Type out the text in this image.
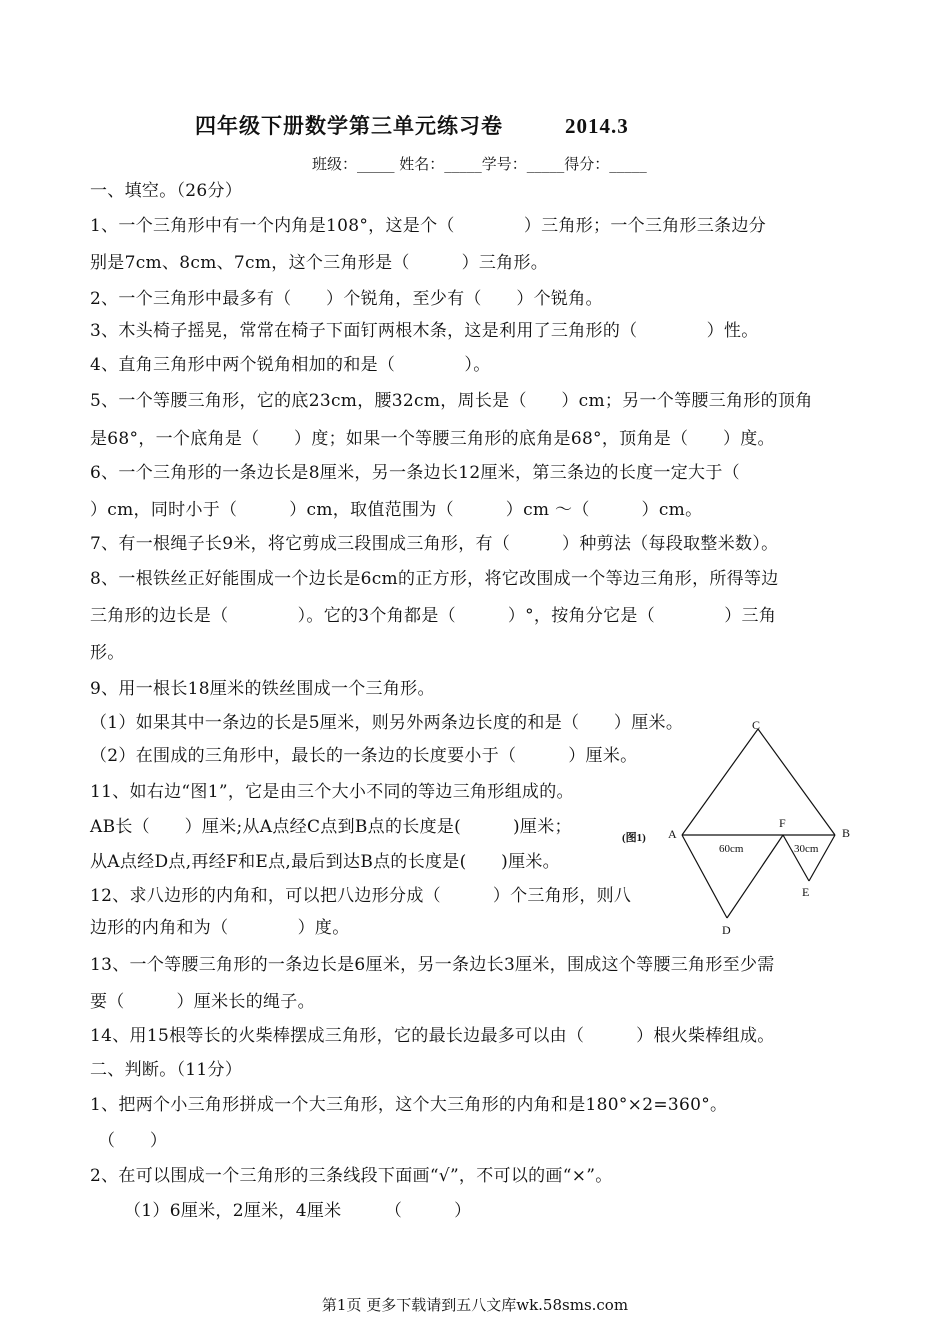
四年级下册数学第三单元练习卷	2014.3
班级：_____ 姓名：_____学号：_____得分：_____
一、填空。（26分）
1、一个三角形中有一个内角是108°，这是个（　　　　）三角形；一个三角形三条边分
别是7cm、8cm、7cm，这个三角形是（　　　）三角形。
2、一个三角形中最多有（　　）个锐角，至少有（　　）个锐角。
3、木头椅子摇晃，常常在椅子下面钉两根木条，这是利用了三角形的（　　　　）性。
4、直角三角形中两个锐角相加的和是（　　　　）。
5、一个等腰三角形，它的底23cm，腰32cm，周长是（　　）cm；另一个等腰三角形的顶角
是68°，一个底角是（　　）度；如果一个等腰三角形的底角是68°，顶角是（　　）度。
6、一个三角形的一条边长是8厘米，另一条边长12厘米，第三条边的长度一定大于（
）cm，同时小于（　　　）cm，取值范围为（　　　）cm ～（　　　）cm。
7、有一根绳子长9米，将它剪成三段围成三角形，有（　　　）种剪法（每段取整米数）。
8、一根铁丝正好能围成一个边长是6cm的正方形，将它改围成一个等边三角形，所得等边
三角形的边长是（　　　　）。它的3个角都是（　　　）°，按角分它是（　　　　）三角
形。
9、用一根长18厘米的铁丝围成一个三角形。
（1）如果其中一条边的长是5厘米，则另外两条边长度的和是（　　）厘米。
（2）在围成的三角形中，最长的一条边的长度要小于（　　　）厘米。
11、如右边“图1”，它是由三个大小不同的等边三角形组成的。
AB长（　　）厘米;从A点经C点到B点的长度是(　　　)厘米；
从A点经D点,再经F和E点,最后到达B点的长度是(　　)厘米。
12、求八边形的内角和，可以把八边形分成（　　　）个三角形，则八
边形的内角和为（　　　　）度。
13、一个等腰三角形的一条边长是6厘米，另一条边长3厘米，围成这个等腰三角形至少需
要（　　　）厘米长的绳子。
14、用15根等长的火柴棒摆成三角形，它的最长边最多可以由（　　　）根火柴棒组成。
二、判断。（11分）
1、把两个小三角形拼成一个大三角形，这个大三角形的内角和是180°×2=360°。
（　　）
2、在可以围成一个三角形的三条线段下面画“√”，不可以的画“×”。
（1）6厘米，2厘米，4厘米　　　（　　　）
C
A	B
F
E
D
60cm	30cm
(图1)
第1页 更多下载请到五八文库wk.58sms.com
